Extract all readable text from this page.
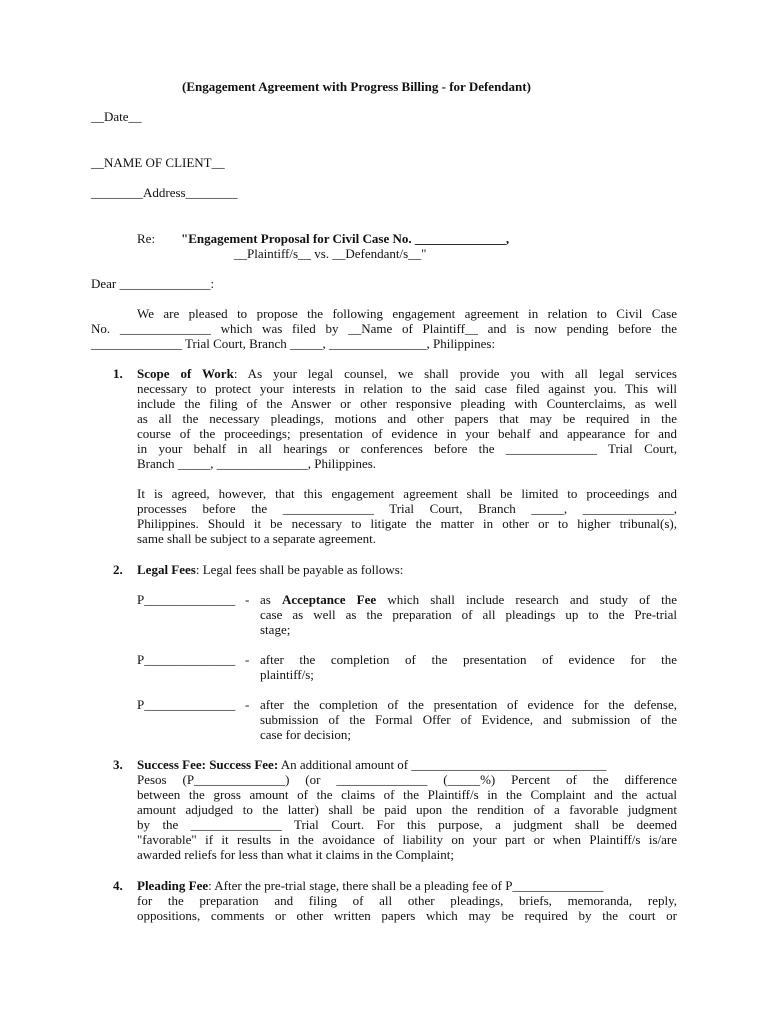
(Engagement Agreement with Progress Billing - for Defendant)
__Date__
__NAME OF CLIENT__
________Address________
Re: "Engagement Proposal for Civil Case No. ______________,
__Plaintiff/s__ vs. __Defendant/s__"
Dear ______________:
We are pleased to propose the following engagement agreement in relation to Civil Case
No. ______________ which was filed by __Name of Plaintiff__ and is now pending before the
______________ Trial Court, Branch _____, _______________, Philippines:
1. Scope of Work: As your legal counsel, we shall provide you with all legal services
necessary to protect your interests in relation to the said case filed against you. This will
include the filing of the Answer or other responsive pleading with Counterclaims, as well
as all the necessary pleadings, motions and other papers that may be required in the
course of the proceedings; presentation of evidence in your behalf and appearance for and
in your behalf in all hearings or conferences before the ______________ Trial Court,
Branch _____, ______________, Philippines.
It is agreed, however, that this engagement agreement shall be limited to proceedings and
processes before the ______________ Trial Court, Branch _____, ______________,
Philippines. Should it be necessary to litigate the matter in other or to higher tribunal(s),
same shall be subject to a separate agreement.
2. Legal Fees: Legal fees shall be payable as follows:
P______________ - as Acceptance Fee which shall include research and study of the
case as well as the preparation of all pleadings up to the Pre-trial
stage;
P______________ - after the completion of the presentation of evidence for the
plaintiff/s;
P______________ - after the completion of the presentation of evidence for the defense,
submission of the Formal Offer of Evidence, and submission of the
case for decision;
3. Success Fee: Success Fee: An additional amount of ______________________________
Pesos (P______________) (or ______________ (_____%) Percent of the difference
between the gross amount of the claims of the Plaintiff/s in the Complaint and the actual
amount adjudged to the latter) shall be paid upon the rendition of a favorable judgment
by the ______________ Trial Court. For this purpose, a judgment shall be deemed
"favorable" if it results in the avoidance of liability on your part or when Plaintiff/s is/are
awarded reliefs for less than what it claims in the Complaint;
4. Pleading Fee: After the pre-trial stage, there shall be a pleading fee of P______________
for the preparation and filing of all other pleadings, briefs, memoranda, reply,
oppositions, comments or other written papers which may be required by the court or
